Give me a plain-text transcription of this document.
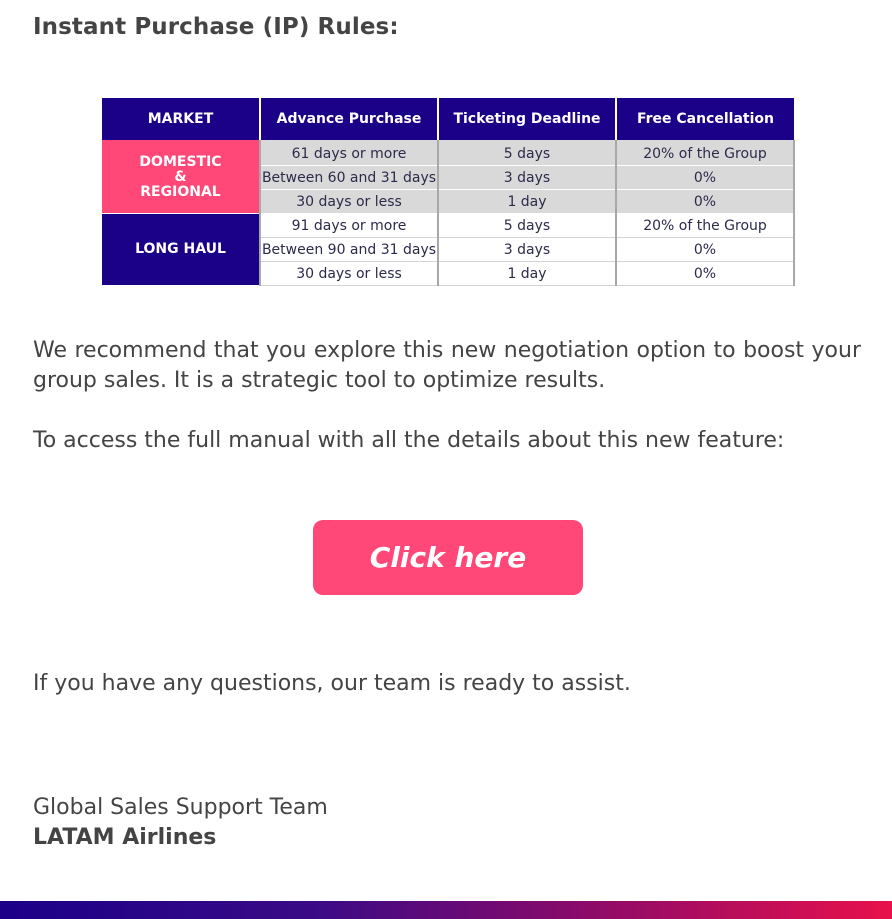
Instant Purchase (IP) Rules:
MARKET	Advance Purchase	Ticketing Deadline	Free Cancellation

DOMESTIC
&
REGIONAL	61 days or more	5 days	20% of the Group
	Between 60 and 31 days	3 days	0%
	30 days or less	1 day	0%

LONG HAUL	91 days or more	5 days	20% of the Group
	Between 90 and 31 days	3 days	0%
	30 days or less	1 day	0%
We recommend that you explore this new negotiation option to boost your group sales. It is a strategic tool to optimize results.
To access the full manual with all the details about this new feature:
Click here
If you have any questions, our team is ready to assist.
Global Sales Support Team
LATAM Airlines
